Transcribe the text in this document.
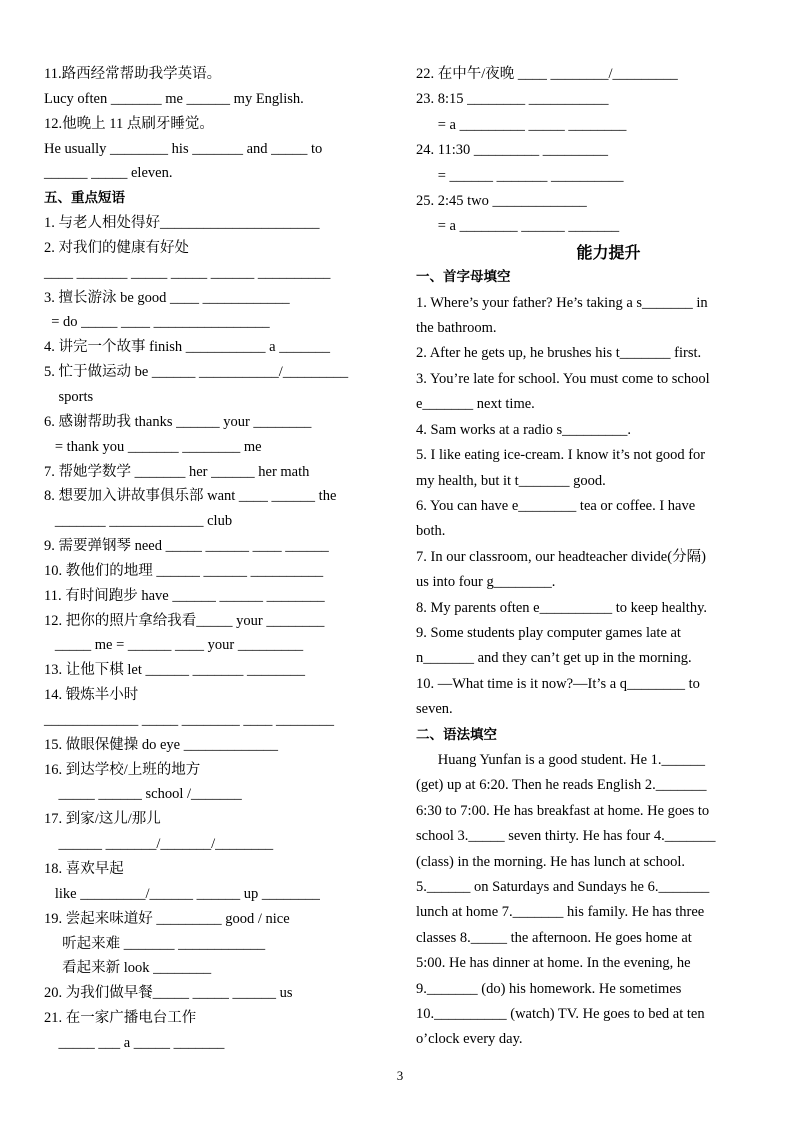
11.路西经常帮助我学英语。
Lucy often _______ me ______ my English.
12.他晚上 11 点刷牙睡觉。
He usually ________ his _______ and _____ to
______ _____ eleven.
五、重点短语
1. 与老人相处得好______________________
2. 对我们的健康有好处
____ _______ _____ _____ ______ __________
3. 擅长游泳 be good ____ ____________
= do _____ ____ ________________
4. 讲完一个故事 finish ___________ a _______
5. 忙于做运动 be ______ ___________/_________
sports
6. 感谢帮助我 thanks ______ your ________
= thank you _______ ________ me
7. 帮她学数学 _______ her ______ her math
8. 想要加入讲故事俱乐部 want ____ ______ the
_______ _____________ club
9. 需要弹钢琴 need _____ ______ ____ ______
10. 教他们的地理 ______ ______ __________
11. 有时间跑步 have ______ ______ ________
12. 把你的照片拿给我看_____ your ________
_____ me = ______ ____ your _________
13. 让他下棋 let ______ _______ ________
14. 锻炼半小时
_____________ _____ ________ ____ ________
15. 做眼保健操 do eye _____________
16. 到达学校/上班的地方
_____ ______ school /_______
17. 到家/这儿/那儿
______ _______/_______/________
18. 喜欢早起
like _________/______ ______ up ________
19. 尝起来味道好 _________ good / nice
听起来难 _______ ____________
看起来新 look ________
20. 为我们做早餐_____ _____ ______ us
21. 在一家广播电台工作
_____ ___ a _____ _______
22. 在中午/夜晚 ____ ________/_________
23. 8:15 ________ ___________
= a _________ _____ ________
24. 11:30 _________ _________
= ______ _______ __________
25. 2:45 two _____________
= a ________ ______ _______
能力提升
一、首字母填空
1. Where’s your father? He’s taking a s_______ in
the bathroom.
2. After he gets up, he brushes his t_______ first.
3. You’re late for school. You must come to school
e_______ next time.
4. Sam works at a radio s_________.
5. I like eating ice-cream. I know it’s not good for
my health, but it t_______ good.
6. You can have e________ tea or coffee. I have
both.
7. In our classroom, our headteacher divide(分隔)
us into four g________.
8. My parents often e__________ to keep healthy.
9. Some students play computer games late at
n_______ and they can’t get up in the morning.
10. —What time is it now?—It’s a q________ to
seven.
二、语法填空
Huang Yunfan is a good student. He 1.______
(get) up at 6:20. Then he reads English 2._______
6:30 to 7:00. He has breakfast at home. He goes to
school 3._____ seven thirty. He has four 4._______
(class) in the morning. He has lunch at school.
5.______ on Saturdays and Sundays he 6._______
lunch at home 7._______ his family. He has three
classes 8._____ the afternoon. He goes home at
5:00. He has dinner at home. In the evening, he
9._______ (do) his homework. He sometimes
10.__________ (watch) TV. He goes to bed at ten
o’clock every day.
3
